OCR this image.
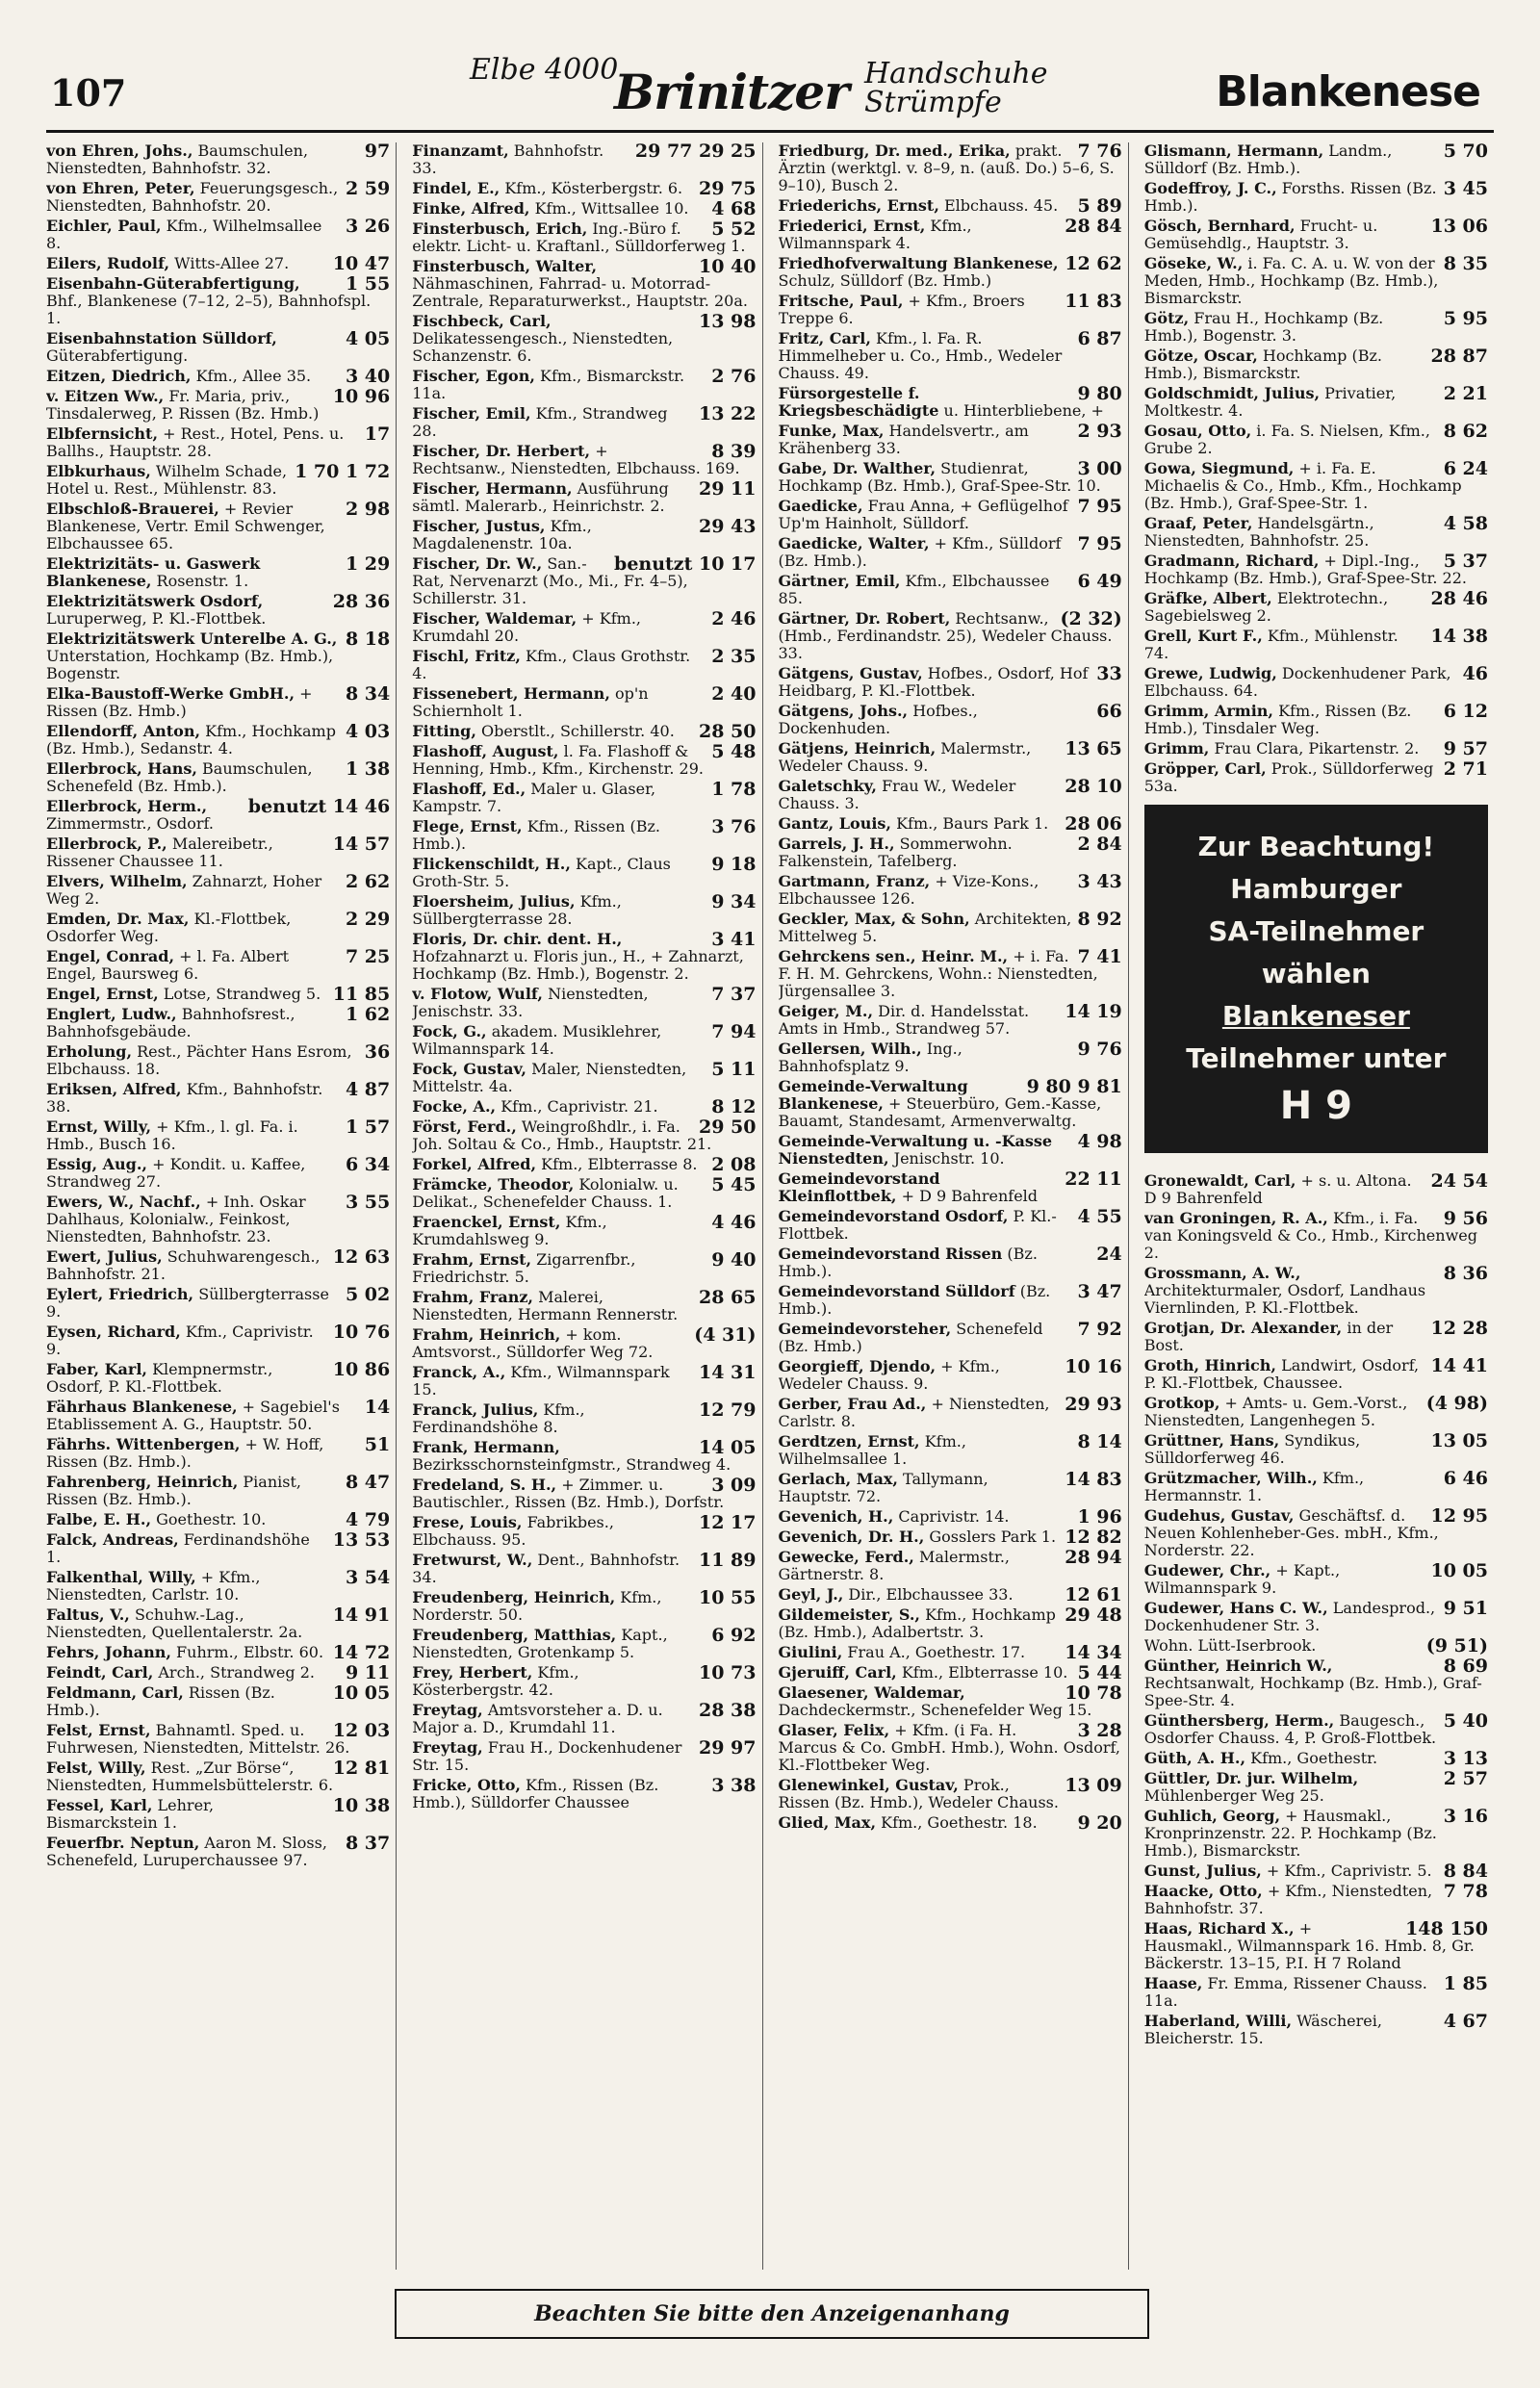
107
Elbe 4000
Brinitzer Handschuhe Strümpfe	Blankenese
97
von Ehren, Johs., Baumschulen, Nienstedten, Bahnhofstr. 32.
2 59
von Ehren, Peter, Feuerungsgesch., Nienstedten, Bahnhofstr. 20.
3 26
Eichler, Paul, Kfm., Wilhelmsallee 8.
10 47
Eilers, Rudolf, Witts-Allee 27.
1 55
Eisenbahn-Güterabfertigung, Bhf., Blankenese (7–12, 2–5), Bahnhofspl. 1.
4 05
Eisenbahnstation Sülldorf, Güterabfertigung.
3 40
Eitzen, Diedrich, Kfm., Allee 35.
10 96
v. Eitzen Ww., Fr. Maria, priv., Tinsdalerweg, P. Rissen (Bz. Hmb.)
17
Elbfernsicht, + Rest., Hotel, Pens. u. Ballhs., Hauptstr. 28.
1 70 1 72
Elbkurhaus, Wilhelm Schade, Hotel u. Rest., Mühlenstr. 83.
2 98
Elbschloß-Brauerei, + Revier Blankenese, Vertr. Emil Schwenger, Elbchaussee 65.
1 29
Elektrizitäts- u. Gaswerk Blankenese, Rosenstr. 1.
28 36
Elektrizitätswerk Osdorf, Luruperweg, P. Kl.-Flottbek.
8 18
Elektrizitätswerk Unterelbe A. G., Unterstation, Hochkamp (Bz. Hmb.), Bogenstr.
8 34
Elka-Baustoff-Werke GmbH., + Rissen (Bz. Hmb.)
4 03
Ellendorff, Anton, Kfm., Hochkamp (Bz. Hmb.), Sedanstr. 4.
1 38
Ellerbrock, Hans, Baumschulen, Schenefeld (Bz. Hmb.).
benutzt 14 46
Ellerbrock, Herm., Zimmermstr., Osdorf.
14 57
Ellerbrock, P., Malereibetr., Rissener Chaussee 11.
2 62
Elvers, Wilhelm, Zahnarzt, Hoher Weg 2.
2 29
Emden, Dr. Max, Kl.-Flottbek, Osdorfer Weg.
7 25
Engel, Conrad, + l. Fa. Albert Engel, Baursweg 6.
11 85
Engel, Ernst, Lotse, Strandweg 5.
1 62
Englert, Ludw., Bahnhofsrest., Bahnhofsgebäude.
36
Erholung, Rest., Pächter Hans Esrom, Elbchauss. 18.
4 87
Eriksen, Alfred, Kfm., Bahnhofstr. 38.
1 57
Ernst, Willy, + Kfm., l. gl. Fa. i. Hmb., Busch 16.
6 34
Essig, Aug., + Kondit. u. Kaffee, Strandweg 27.
3 55
Ewers, W., Nachf., + Inh. Oskar Dahlhaus, Kolonialw., Feinkost, Nienstedten, Bahnhofstr. 23.
12 63
Ewert, Julius, Schuhwarengesch., Bahnhofstr. 21.
5 02
Eylert, Friedrich, Süllbergterrasse 9.
10 76
Eysen, Richard, Kfm., Caprivistr. 9.
10 86
Faber, Karl, Klempnermstr., Osdorf, P. Kl.-Flottbek.
14
Fährhaus Blankenese, + Sagebiel's Etablissement A. G., Hauptstr. 50.
51
Fährhs. Wittenbergen, + W. Hoff, Rissen (Bz. Hmb.).
8 47
Fahrenberg, Heinrich, Pianist, Rissen (Bz. Hmb.).
4 79
Falbe, E. H., Goethestr. 10.
13 53
Falck, Andreas, Ferdinandshöhe 1.
3 54
Falkenthal, Willy, + Kfm., Nienstedten, Carlstr. 10.
14 91
Faltus, V., Schuhw.-Lag., Nienstedten, Quellentalerstr. 2a.
14 72
Fehrs, Johann, Fuhrm., Elbstr. 60.
9 11
Feindt, Carl, Arch., Strandweg 2.
10 05
Feldmann, Carl, Rissen (Bz. Hmb.).
12 03
Felst, Ernst, Bahnamtl. Sped. u. Fuhrwesen, Nienstedten, Mittelstr. 26.
12 81
Felst, Willy, Rest. „Zur Börse“, Nienstedten, Hummelsbüttelerstr. 6.
10 38
Fessel, Karl, Lehrer, Bismarckstein 1.
8 37
Feuerfbr. Neptun, Aaron M. Sloss, Schenefeld, Luruperchaussee 97.
29 77 29 25
Finanzamt, Bahnhofstr. 33.
29 75
Findel, E., Kfm., Kösterbergstr. 6.
4 68
Finke, Alfred, Kfm., Wittsallee 10.
5 52
Finsterbusch, Erich, Ing.-Büro f. elektr. Licht- u. Kraftanl., Sülldorferweg 1.
10 40
Finsterbusch, Walter, Nähmaschinen, Fahrrad- u. Motorrad-Zentrale, Reparaturwerkst., Hauptstr. 20a.
13 98
Fischbeck, Carl, Delikatessengesch., Nienstedten, Schanzenstr. 6.
2 76
Fischer, Egon, Kfm., Bismarckstr. 11a.
13 22
Fischer, Emil, Kfm., Strandweg 28.
8 39
Fischer, Dr. Herbert, + Rechtsanw., Nienstedten, Elbchauss. 169.
29 11
Fischer, Hermann, Ausführung sämtl. Malerarb., Heinrichstr. 2.
29 43
Fischer, Justus, Kfm., Magdalenenstr. 10a.
benutzt 10 17
Fischer, Dr. W., San.-Rat, Nervenarzt (Mo., Mi., Fr. 4–5), Schillerstr. 31.
2 46
Fischer, Waldemar, + Kfm., Krumdahl 20.
2 35
Fischl, Fritz, Kfm., Claus Grothstr. 4.
2 40
Fissenebert, Hermann, op'n Schiernholt 1.
28 50
Fitting, Oberstlt., Schillerstr. 40.
5 48
Flashoff, August, l. Fa. Flashoff & Henning, Hmb., Kfm., Kirchenstr. 29.
1 78
Flashoff, Ed., Maler u. Glaser, Kampstr. 7.
3 76
Flege, Ernst, Kfm., Rissen (Bz. Hmb.).
9 18
Flickenschildt, H., Kapt., Claus Groth-Str. 5.
9 34
Floersheim, Julius, Kfm., Süllbergterrasse 28.
3 41
Floris, Dr. chir. dent. H., Hofzahnarzt u. Floris jun., H., + Zahnarzt, Hochkamp (Bz. Hmb.), Bogenstr. 2.
7 37
v. Flotow, Wulf, Nienstedten, Jenischstr. 33.
7 94
Fock, G., akadem. Musiklehrer, Wilmannspark 14.
5 11
Fock, Gustav, Maler, Nienstedten, Mittelstr. 4a.
8 12
Focke, A., Kfm., Caprivistr. 21.
29 50
Först, Ferd., Weingroßhdlr., i. Fa. Joh. Soltau & Co., Hmb., Hauptstr. 21.
2 08
Forkel, Alfred, Kfm., Elbterrasse 8.
5 45
Främcke, Theodor, Kolonialw. u. Delikat., Schenefelder Chauss. 1.
4 46
Fraenckel, Ernst, Kfm., Krumdahlsweg 9.
9 40
Frahm, Ernst, Zigarrenfbr., Friedrichstr. 5.
28 65
Frahm, Franz, Malerei, Nienstedten, Hermann Rennerstr.
(4 31)
Frahm, Heinrich, + kom. Amtsvorst., Sülldorfer Weg 72.
14 31
Franck, A., Kfm., Wilmannspark 15.
12 79
Franck, Julius, Kfm., Ferdinandshöhe 8.
14 05
Frank, Hermann, Bezirksschornsteinfgmstr., Strandweg 4.
3 09
Fredeland, S. H., + Zimmer. u. Bautischler., Rissen (Bz. Hmb.), Dorfstr.
12 17
Frese, Louis, Fabrikbes., Elbchauss. 95.
11 89
Fretwurst, W., Dent., Bahnhofstr. 34.
10 55
Freudenberg, Heinrich, Kfm., Norderstr. 50.
6 92
Freudenberg, Matthias, Kapt., Nienstedten, Grotenkamp 5.
10 73
Frey, Herbert, Kfm., Kösterbergstr. 42.
28 38
Freytag, Amtsvorsteher a. D. u. Major a. D., Krumdahl 11.
29 97
Freytag, Frau H., Dockenhudener Str. 15.
3 38
Fricke, Otto, Kfm., Rissen (Bz. Hmb.), Sülldorfer Chaussee
7 76
Friedburg, Dr. med., Erika, prakt. Ärztin (werktgl. v. 8–9, n. (auß. Do.) 5–6, S. 9–10), Busch 2.
5 89
Friederichs, Ernst, Elbchauss. 45.
28 84
Friederici, Ernst, Kfm., Wilmannspark 4.
12 62
Friedhofverwaltung Blankenese, Schulz, Sülldorf (Bz. Hmb.)
11 83
Fritsche, Paul, + Kfm., Broers Treppe 6.
6 87
Fritz, Carl, Kfm., l. Fa. R. Himmelheber u. Co., Hmb., Wedeler Chauss. 49.
9 80
Fürsorgestelle f. Kriegsbeschädigte u. Hinterbliebene, +
2 93
Funke, Max, Handelsvertr., am Krähenberg 33.
3 00
Gabe, Dr. Walther, Studienrat, Hochkamp (Bz. Hmb.), Graf-Spee-Str. 10.
7 95
Gaedicke, Frau Anna, + Geflügelhof Up'm Hainholt, Sülldorf.
7 95
Gaedicke, Walter, + Kfm., Sülldorf (Bz. Hmb.).
6 49
Gärtner, Emil, Kfm., Elbchaussee 85.
(2 32)
Gärtner, Dr. Robert, Rechtsanw., (Hmb., Ferdinandstr. 25), Wedeler Chauss. 33.
33
Gätgens, Gustav, Hofbes., Osdorf, Hof Heidbarg, P. Kl.-Flottbek.
66
Gätgens, Johs., Hofbes., Dockenhuden.
13 65
Gätjens, Heinrich, Malermstr., Wedeler Chauss. 9.
28 10
Galetschky, Frau W., Wedeler Chauss. 3.
28 06
Gantz, Louis, Kfm., Baurs Park 1.
2 84
Garrels, J. H., Sommerwohn. Falkenstein, Tafelberg.
3 43
Gartmann, Franz, + Vize-Kons., Elbchaussee 126.
8 92
Geckler, Max, & Sohn, Architekten, Mittelweg 5.
7 41
Gehrckens sen., Heinr. M., + i. Fa. F. H. M. Gehrckens, Wohn.: Nienstedten, Jürgensallee 3.
14 19
Geiger, M., Dir. d. Handelsstat. Amts in Hmb., Strandweg 57.
9 76
Gellersen, Wilh., Ing., Bahnhofsplatz 9.
9 80 9 81
Gemeinde-Verwaltung Blankenese, + Steuerbüro, Gem.-Kasse, Bauamt, Standesamt, Armenverwaltg.
4 98
Gemeinde-Verwaltung u. -Kasse Nienstedten, Jenischstr. 10.
22 11
Gemeindevorstand Kleinflottbek, + D 9 Bahrenfeld
4 55
Gemeindevorstand Osdorf, P. Kl.-Flottbek.
24
Gemeindevorstand Rissen (Bz. Hmb.).
3 47
Gemeindevorstand Sülldorf (Bz. Hmb.).
7 92
Gemeindevorsteher, Schenefeld (Bz. Hmb.)
10 16
Georgieff, Djendo, + Kfm., Wedeler Chauss. 9.
29 93
Gerber, Frau Ad., + Nienstedten, Carlstr. 8.
8 14
Gerdtzen, Ernst, Kfm., Wilhelmsallee 1.
14 83
Gerlach, Max, Tallymann, Hauptstr. 72.
1 96
Gevenich, H., Caprivistr. 14.
12 82
Gevenich, Dr. H., Gosslers Park 1.
28 94
Gewecke, Ferd., Malermstr., Gärtnerstr. 8.
12 61
Geyl, J., Dir., Elbchaussee 33.
29 48
Gildemeister, S., Kfm., Hochkamp (Bz. Hmb.), Adalbertstr. 3.
14 34
Giulini, Frau A., Goethestr. 17.
5 44
Gjeruiff, Carl, Kfm., Elbterrasse 10.
10 78
Glaesener, Waldemar, Dachdeckermstr., Schenefelder Weg 15.
3 28
Glaser, Felix, + Kfm. (i Fa. H. Marcus & Co. GmbH. Hmb.), Wohn. Osdorf, Kl.-Flottbeker Weg.
13 09
Glenewinkel, Gustav, Prok., Rissen (Bz. Hmb.), Wedeler Chauss.
9 20
Glied, Max, Kfm., Goethestr. 18.
5 70
Glismann, Hermann, Landm., Sülldorf (Bz. Hmb.).
3 45
Godeffroy, J. C., Forsths. Rissen (Bz. Hmb.).
13 06
Gösch, Bernhard, Frucht- u. Gemüsehdlg., Hauptstr. 3.
8 35
Göseke, W., i. Fa. C. A. u. W. von der Meden, Hmb., Hochkamp (Bz. Hmb.), Bismarckstr.
5 95
Götz, Frau H., Hochkamp (Bz. Hmb.), Bogenstr. 3.
28 87
Götze, Oscar, Hochkamp (Bz. Hmb.), Bismarckstr.
2 21
Goldschmidt, Julius, Privatier, Moltkestr. 4.
8 62
Gosau, Otto, i. Fa. S. Nielsen, Kfm., Grube 2.
6 24
Gowa, Siegmund, + i. Fa. E. Michaelis & Co., Hmb., Kfm., Hochkamp (Bz. Hmb.), Graf-Spee-Str. 1.
4 58
Graaf, Peter, Handelsgärtn., Nienstedten, Bahnhofstr. 25.
5 37
Gradmann, Richard, + Dipl.-Ing., Hochkamp (Bz. Hmb.), Graf-Spee-Str. 22.
28 46
Gräfke, Albert, Elektrotechn., Sagebielsweg 2.
14 38
Grell, Kurt F., Kfm., Mühlenstr. 74.
46
Grewe, Ludwig, Dockenhudener Park, Elbchauss. 64.
6 12
Grimm, Armin, Kfm., Rissen (Bz. Hmb.), Tinsdaler Weg.
9 57
Grimm, Frau Clara, Pikartenstr. 2.
2 71
Gröpper, Carl, Prok., Sülldorferweg 53a.
Zur Beachtung!
Hamburger
SA-Teilnehmer wählen
Blankeneser
Teilnehmer unter
H 9
24 54
Gronewaldt, Carl, + s. u. Altona. D 9 Bahrenfeld
9 56
van Groningen, R. A., Kfm., i. Fa. van Koningsveld & Co., Hmb., Kirchenweg 2.
8 36
Grossmann, A. W., Architekturmaler, Osdorf, Landhaus Viernlinden, P. Kl.-Flottbek.
12 28
Grotjan, Dr. Alexander, in der Bost.
14 41
Groth, Hinrich, Landwirt, Osdorf, P. Kl.-Flottbek, Chaussee.
(4 98)
Grotkop, + Amts- u. Gem.-Vorst., Nienstedten, Langenhegen 5.
13 05
Grüttner, Hans, Syndikus, Sülldorferweg 46.
6 46
Grützmacher, Wilh., Kfm., Hermannstr. 1.
12 95
Gudehus, Gustav, Geschäftsf. d. Neuen Kohlenheber-Ges. mbH., Kfm., Norderstr. 22.
10 05
Gudewer, Chr., + Kapt., Wilmannspark 9.
9 51
Gudewer, Hans C. W., Landesprod., Dockenhudener Str. 3.
(9 51)
Wohn. Lütt-Iserbrook.
8 69
Günther, Heinrich W., Rechtsanwalt, Hochkamp (Bz. Hmb.), Graf-Spee-Str. 4.
5 40
Günthersberg, Herm., Baugesch., Osdorfer Chauss. 4, P. Groß-Flottbek.
3 13
Güth, A. H., Kfm., Goethestr.
2 57
Güttler, Dr. jur. Wilhelm, Mühlenberger Weg 25.
3 16
Guhlich, Georg, + Hausmakl., Kronprinzenstr. 22. P. Hochkamp (Bz. Hmb.), Bismarckstr.
8 84
Gunst, Julius, + Kfm., Caprivistr. 5.
7 78
Haacke, Otto, + Kfm., Nienstedten, Bahnhofstr. 37.
148 150
Haas, Richard X., + Hausmakl., Wilmannspark 16. Hmb. 8, Gr. Bäckerstr. 13–15, P.I. H 7 Roland
1 85
Haase, Fr. Emma, Rissener Chauss. 11a.
4 67
Haberland, Willi, Wäscherei, Bleicherstr. 15.
Beachten Sie bitte den Anzeigenanhang
